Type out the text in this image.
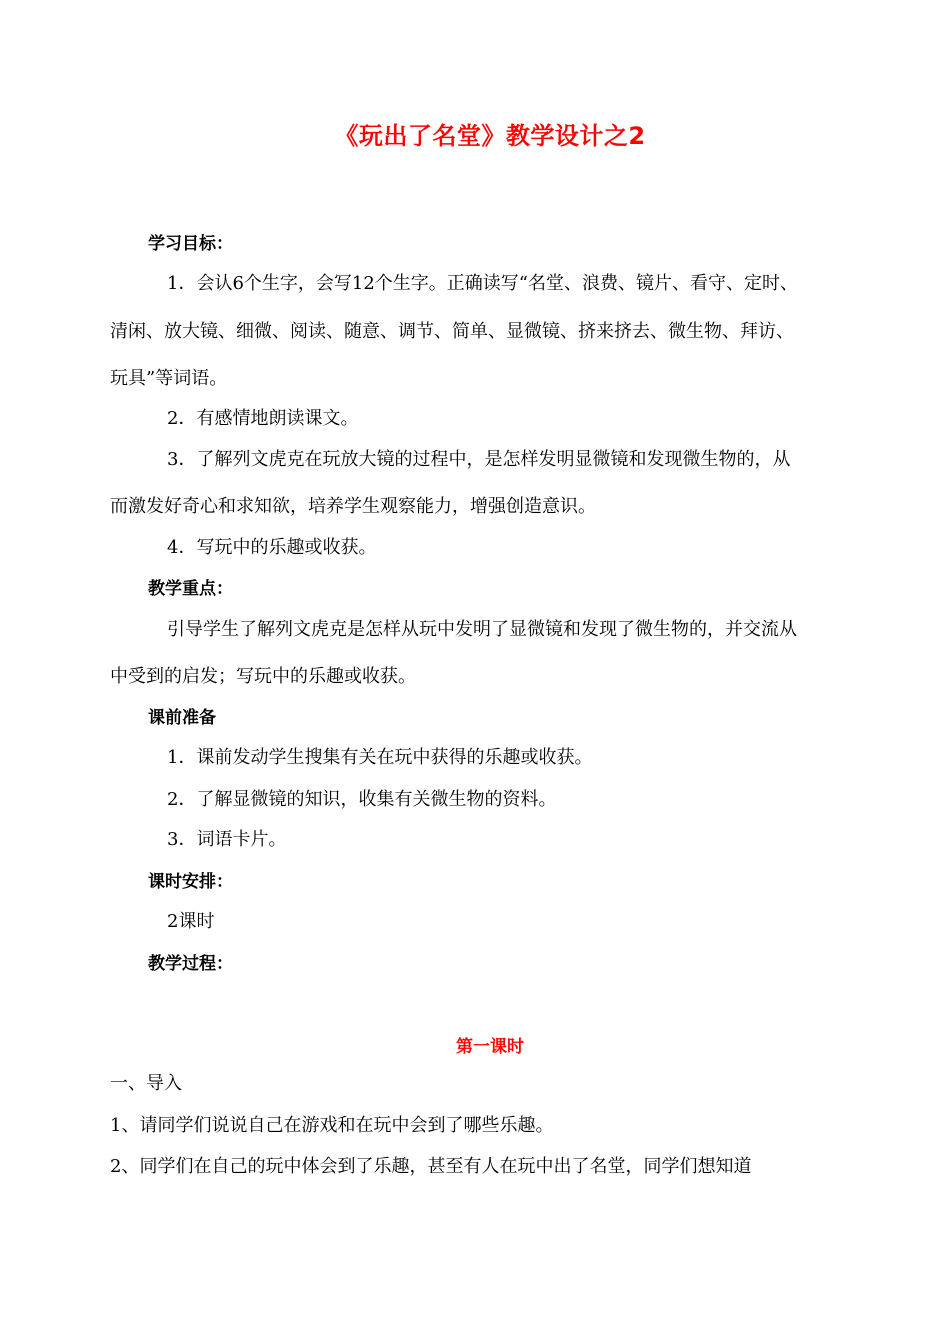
《玩出了名堂》教学设计之2
学习目标：
1．会认6个生字，会写12个生字。正确读写“名堂、浪费、镜片、看守、定时、
清闲、放大镜、细微、阅读、随意、调节、简单、显微镜、挤来挤去、微生物、拜访、
玩具”等词语。
2．有感情地朗读课文。
3．了解列文虎克在玩放大镜的过程中，是怎样发明显微镜和发现微生物的，从
而激发好奇心和求知欲，培养学生观察能力，增强创造意识。
4．写玩中的乐趣或收获。
教学重点：
引导学生了解列文虎克是怎样从玩中发明了显微镜和发现了微生物的，并交流从
中受到的启发；写玩中的乐趣或收获。
课前准备
1．课前发动学生搜集有关在玩中获得的乐趣或收获。
2．了解显微镜的知识，收集有关微生物的资料。
3．词语卡片。
课时安排：
2课时
教学过程：
第一课时
一、导入
1、请同学们说说自己在游戏和在玩中会到了哪些乐趣。
2、同学们在自己的玩中体会到了乐趣，甚至有人在玩中出了名堂，同学们想知道
